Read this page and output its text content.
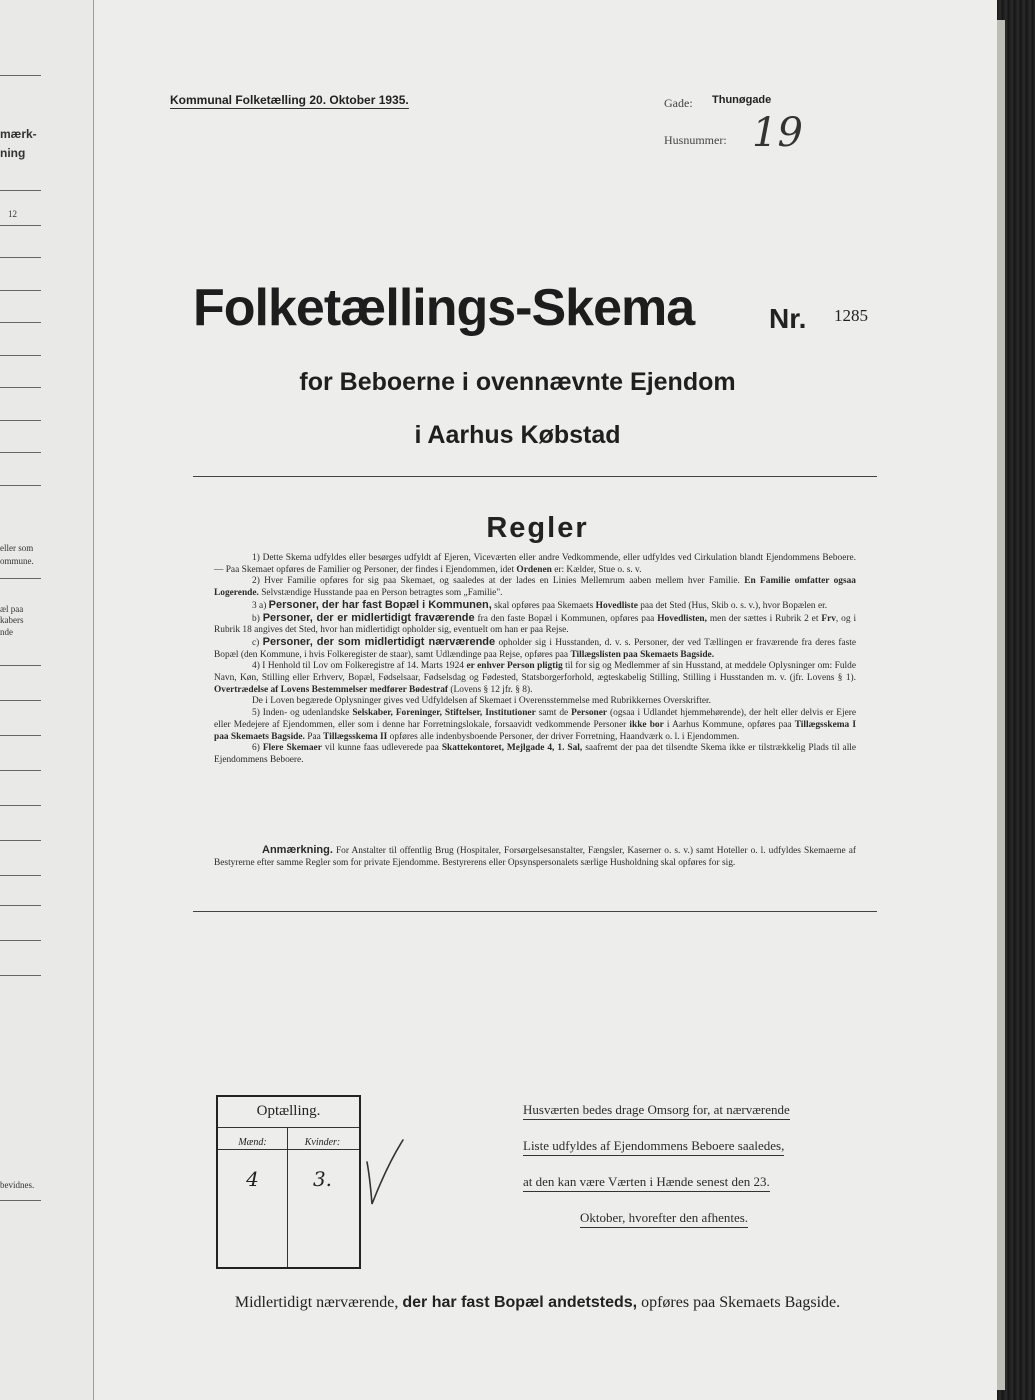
mærk-
ning
12
eller som
ommune.
æl paa
kabers
nde
bevidnes.
Kommunal Folketælling 20. Oktober 1935.	Gade: Thunøgade
Husnummer: 19
Folketællings-Skema	Nr. 1285
for Beboerne i ovennævnte Ejendom
i Aarhus Købstad
Regler

1) Dette Skema udfyldes eller besørges udfyldt af Ejeren, Viceværten eller andre Vedkommende, eller udfyldes ved Cirkulation blandt Ejendommens Beboere. — Paa Skemaet opføres de Familier og Personer, der findes i Ejendommen, idet Ordenen er: Kælder, Stue o. s. v.

2) Hver Familie opføres for sig paa Skemaet, og saaledes at der lades en Linies Mellemrum aaben mellem hver Familie. En Familie omfatter ogsaa Logerende. Selvstændige Husstande paa en Person betragtes som „Familie".

3 a) Personer, der har fast Bopæl i Kommunen, skal opføres paa Skemaets Hovedliste paa det Sted (Hus, Skib o. s. v.), hvor Bopælen er.

b) Personer, der er midlertidigt fraværende fra den faste Bopæl i Kommunen, opføres paa Hovedlisten, men der sættes i Rubrik 2 et Frv, og i Rubrik 18 angives det Sted, hvor han midlertidigt opholder sig, eventuelt om han er paa Rejse.

c) Personer, der som midlertidigt nærværende opholder sig i Husstanden, d. v. s. Personer, der ved Tællingen er fraværende fra deres faste Bopæl (den Kommune, i hvis Folkeregister de staar), samt Udlændinge paa Rejse, opføres paa Tillægslisten paa Skemaets Bagside.

4) I Henhold til Lov om Folkeregistre af 14. Marts 1924 er enhver Person pligtig til for sig og Medlemmer af sin Husstand, at meddele Oplysninger om: Fulde Navn, Køn, Stilling eller Erhverv, Bopæl, Fødselsaar, Fødselsdag og Fødested, Statsborgerforhold, ægteskabelig Stilling, Stilling i Husstanden m. v. (jfr. Lovens § 1). Overtrædelse af Lovens Bestemmelser medfører Bødestraf (Lovens § 12 jfr. § 8).

De i Loven begærede Oplysninger gives ved Udfyldelsen af Skemaet i Overensstemmelse med Rubrikkernes Overskrifter.

5) Inden- og udenlandske Selskaber, Foreninger, Stiftelser, Institutioner samt de Personer (ogsaa i Udlandet hjemmehørende), der helt eller delvis er Ejere eller Medejere af Ejendommen, eller som i denne har Forretningslokale, forsaavidt vedkommende Personer ikke bor i Aarhus Kommune, opføres paa Tillægsskema I paa Skemaets Bagside. Paa Tillægsskema II opføres alle indenbysboende Personer, der driver Forretning, Haandværk o. l. i Ejendommen.

6) Flere Skemaer vil kunne faas udleverede paa Skattekontoret, Mejlgade 4, 1. Sal, saafremt der paa det tilsendte Skema ikke er tilstrækkelig Plads til alle Ejendommens Beboere.

Anmærkning. For Anstalter til offentlig Brug (Hospitaler, Forsørgelsesanstalter, Fængsler, Kaserner o. s. v.) samt Hoteller o. l. udfyldes Skemaerne af Bestyrerne efter samme Regler som for private Ejendomme. Bestyrerens eller Opsynspersonalets særlige Husholdning skal opføres for sig.

Optælling.
Mænd:	Kvinder:
4	3.
Husværten bedes drage Omsorg for, at nærværende
Liste udfyldes af Ejendommens Beboere saaledes,
at den kan være Værten i Hænde senest den 23.
Oktober, hvorefter den afhentes.
Midlertidigt nærværende, der har fast Bopæl andetsteds, opføres paa Skemaets Bagside.
